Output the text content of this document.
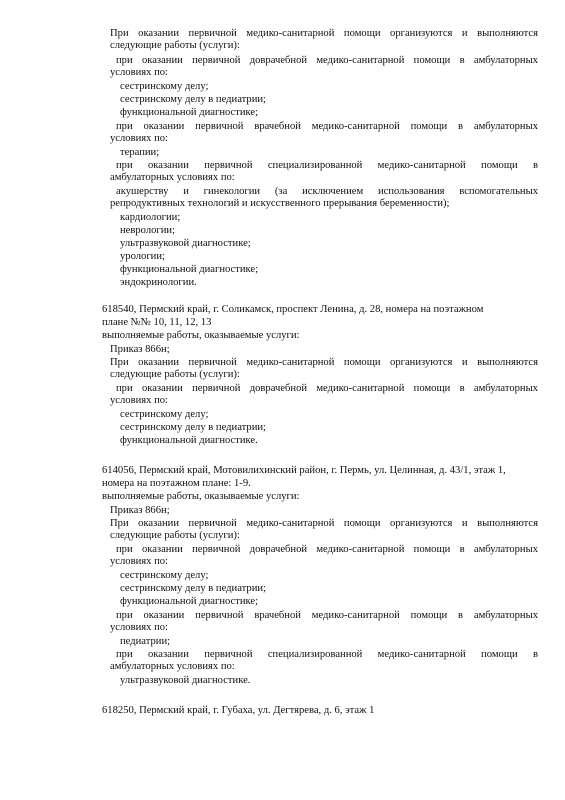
При оказании первичной медико-санитарной помощи организуются и выполняются
следующие работы (услуги):
при оказании первичной доврачебной медико-санитарной помощи в амбулаторных
условиях по:
сестринскому делу;
сестринскому делу в педиатрии;
функциональной диагностике;
при оказании первичной врачебной медико-санитарной помощи в амбулаторных
условиях по:
терапии;
при оказании первичной специализированной медико-санитарной помощи в
амбулаторных условиях по:
акушерству и гинекологии (за исключением использования вспомогательных
репродуктивных технологий и искусственного прерывания беременности);
кардиологии;
неврологии;
ультразвуковой диагностике;
урологии;
функциональной диагностике;
эндокринологии.
618540, Пермский край, г. Соликамск, проспект Ленина, д. 28, номера на поэтажном
плане №№ 10, 11, 12, 13
выполняемые работы, оказываемые услуги:
Приказ 866н;
При оказании первичной медико-санитарной помощи организуются и выполняются
следующие работы (услуги):
при оказании первичной доврачебной медико-санитарной помощи в амбулаторных
условиях по:
сестринскому делу;
сестринскому делу в педиатрии;
функциональной диагностике.
614056, Пермский край, Мотовилихинский район, г. Пермь, ул. Целинная, д. 43/1, этаж 1,
номера на поэтажном плане: 1-9.
выполняемые работы, оказываемые услуги:
Приказ 866н;
При оказании первичной медико-санитарной помощи организуются и выполняются
следующие работы (услуги):
при оказании первичной доврачебной медико-санитарной помощи в амбулаторных
условиях по:
сестринскому делу;
сестринскому делу в педиатрии;
функциональной диагностике;
при оказании первичной врачебной медико-санитарной помощи в амбулаторных
условиях по:
педиатрии;
при оказании первичной специализированной медико-санитарной помощи в
амбулаторных условиях по:
ультразвуковой диагностике.
618250, Пермский край, г. Губаха, ул. Дегтярева, д. 6, этаж 1
